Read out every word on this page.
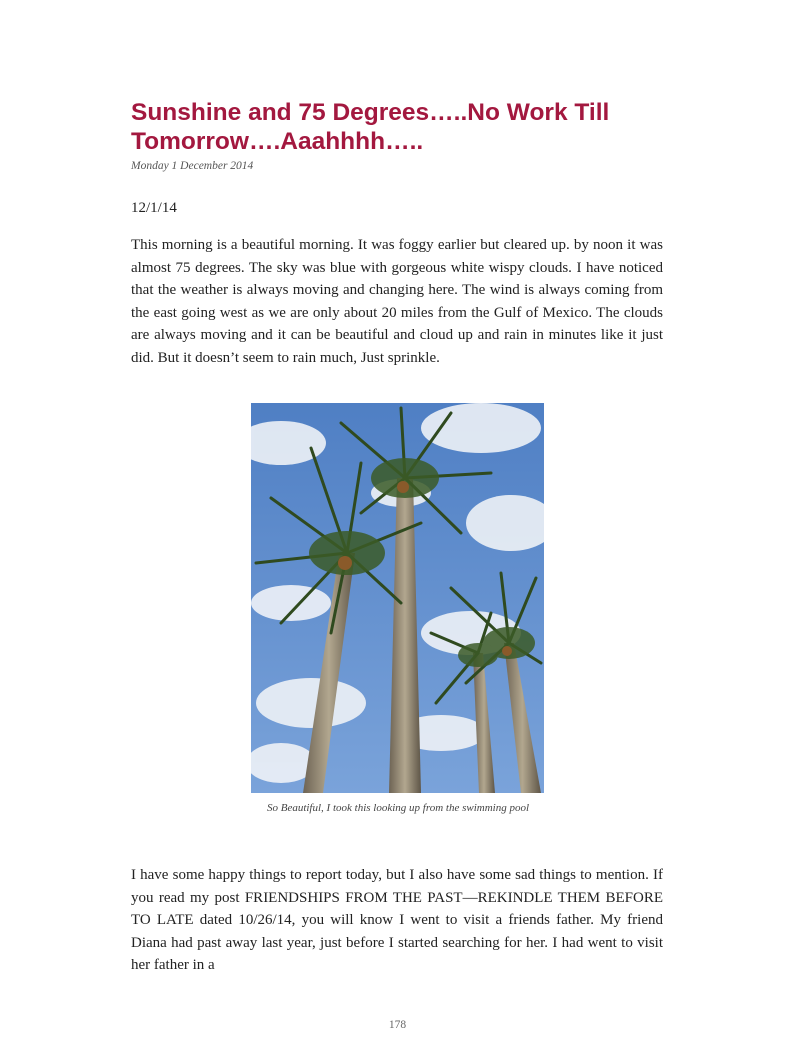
Sunshine and 75 Degrees…..No Work Till Tomorrow….Aaahhhh…..
Monday 1 December 2014
12/1/14

This morning is a beautiful morning. It was foggy earlier but cleared up. by noon it was almost 75 degrees. The sky was blue with gorgeous white wispy clouds. I have noticed that the weather is always moving and changing here. The wind is always coming from the east going west as we are only about 20 miles from the Gulf of Mexico. The clouds are always moving and it can be beautiful and cloud up and rain in minutes like it just did. But it doesn’t seem to rain much, Just sprinkle.

So Beautiful, I took this looking up from the swimming pool

I have some happy things to report today, but I also have some sad things to mention. If you read my post FRIENDSHIPS FROM THE PAST—REKINDLE THEM BEFORE TO LATE dated 10/26/14, you will know I went to visit a friends father. My friend Diana had past away last year, just before I started searching for her. I had went to visit her father in a

178
